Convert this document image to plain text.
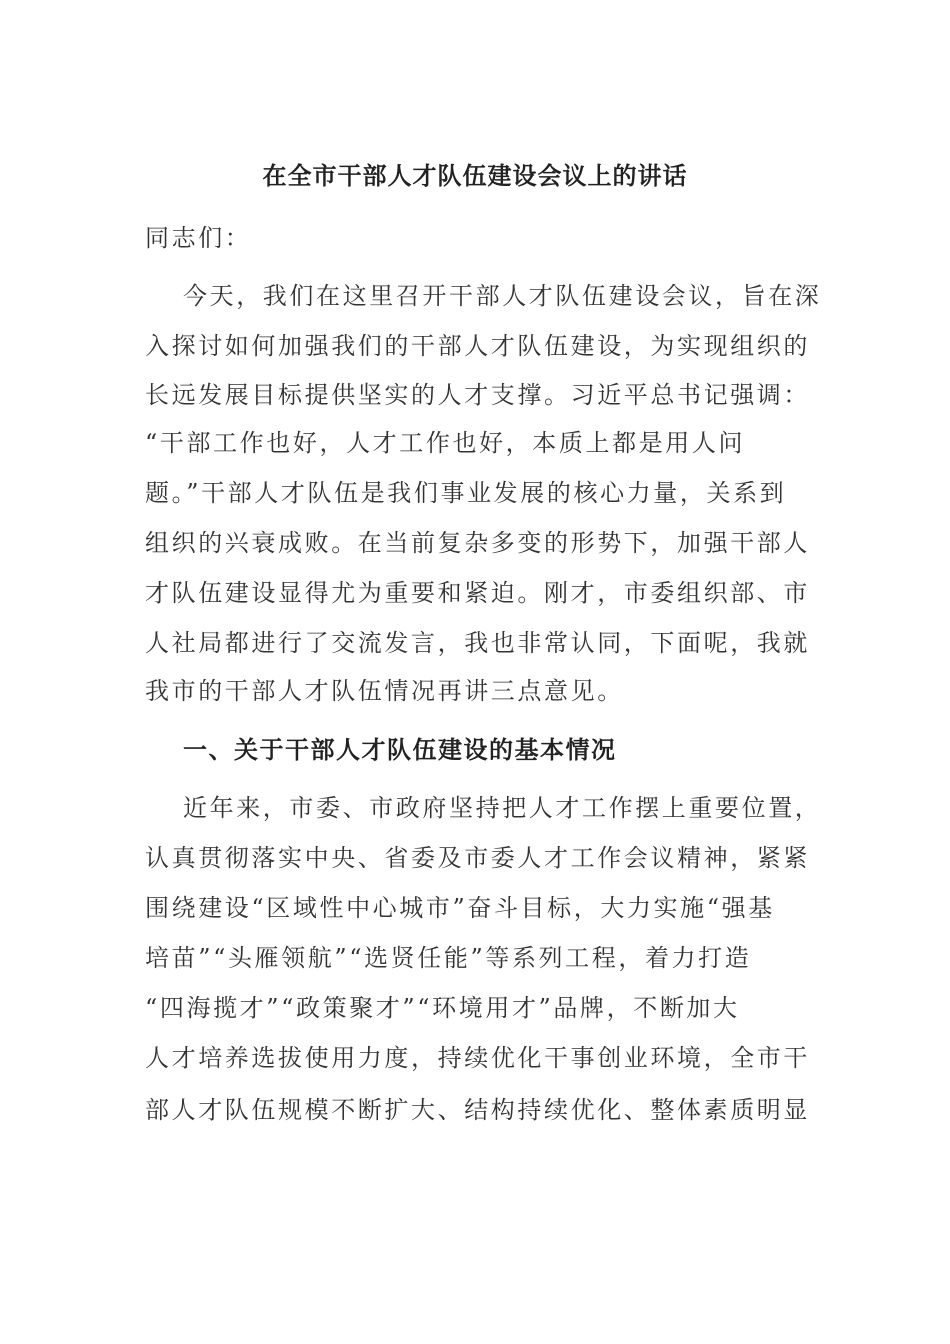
在全市干部人才队伍建设会议上的讲话
同志们：
今天，我们在这里召开干部人才队伍建设会议，旨在深
入探讨如何加强我们的干部人才队伍建设，为实现组织的
长远发展目标提供坚实的人才支撑。习近平总书记强调：
“干部工作也好，人才工作也好，本质上都是用人问
题。”干部人才队伍是我们事业发展的核心力量，关系到
组织的兴衰成败。在当前复杂多变的形势下，加强干部人
才队伍建设显得尤为重要和紧迫。刚才，市委组织部、市
人社局都进行了交流发言，我也非常认同，下面呢，我就
我市的干部人才队伍情况再讲三点意见。
一、关于干部人才队伍建设的基本情况
近年来，市委、市政府坚持把人才工作摆上重要位置，
认真贯彻落实中央、省委及市委人才工作会议精神，紧紧
围绕建设“区域性中心城市”奋斗目标，大力实施“强基
培苗”“头雁领航”“选贤任能”等系列工程，着力打造
“四海揽才”“政策聚才”“环境用才”品牌，不断加大
人才培养选拔使用力度，持续优化干事创业环境，全市干
部人才队伍规模不断扩大、结构持续优化、整体素质明显
